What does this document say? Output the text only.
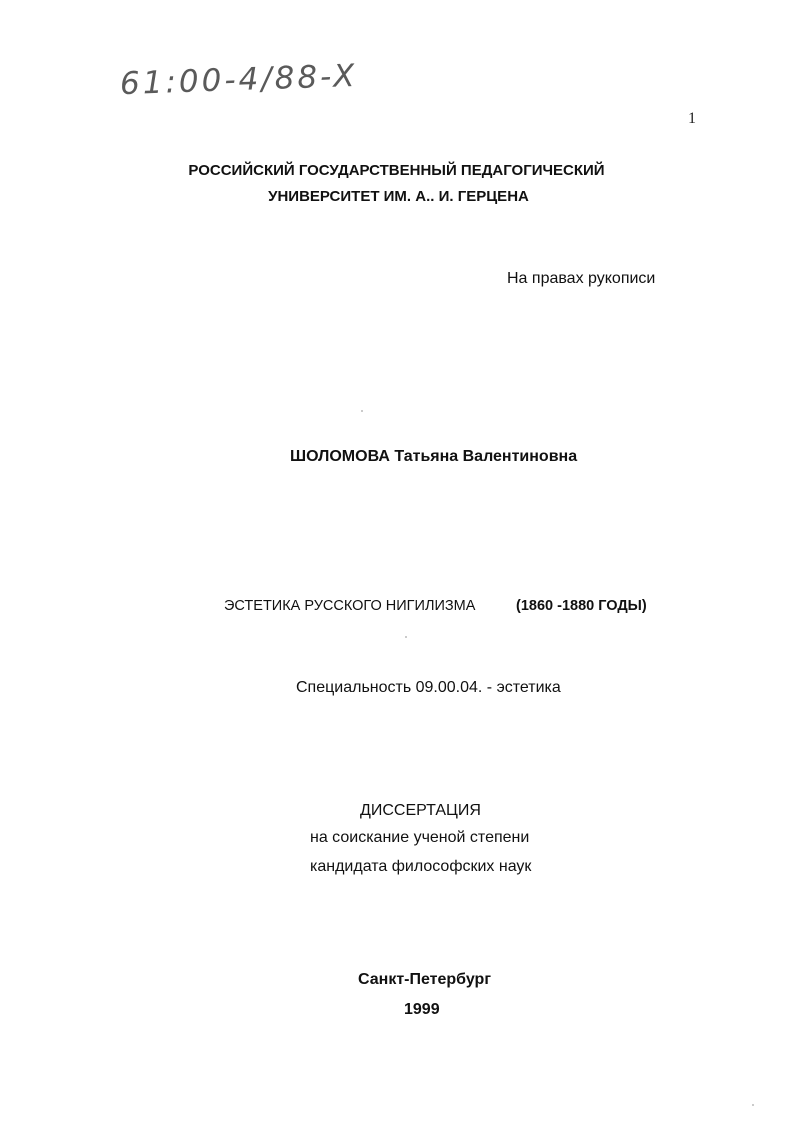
61:00-4/88-X
1
РОССИЙСКИЙ ГОСУДАРСТВЕННЫЙ ПЕДАГОГИЧЕСКИЙ
УНИВЕРСИТЕТ ИМ. А.. И. ГЕРЦЕНА
На правах рукописи
ШОЛОМОВА Татьяна Валентиновна
ЭСТЕТИКА РУССКОГО НИГИЛИЗМА	(1860 -1880 ГОДЫ)
Специальность 09.00.04. - эстетика
ДИССЕРТАЦИЯ
на соискание ученой степени
кандидата философских наук
Санкт-Петербург
1999
